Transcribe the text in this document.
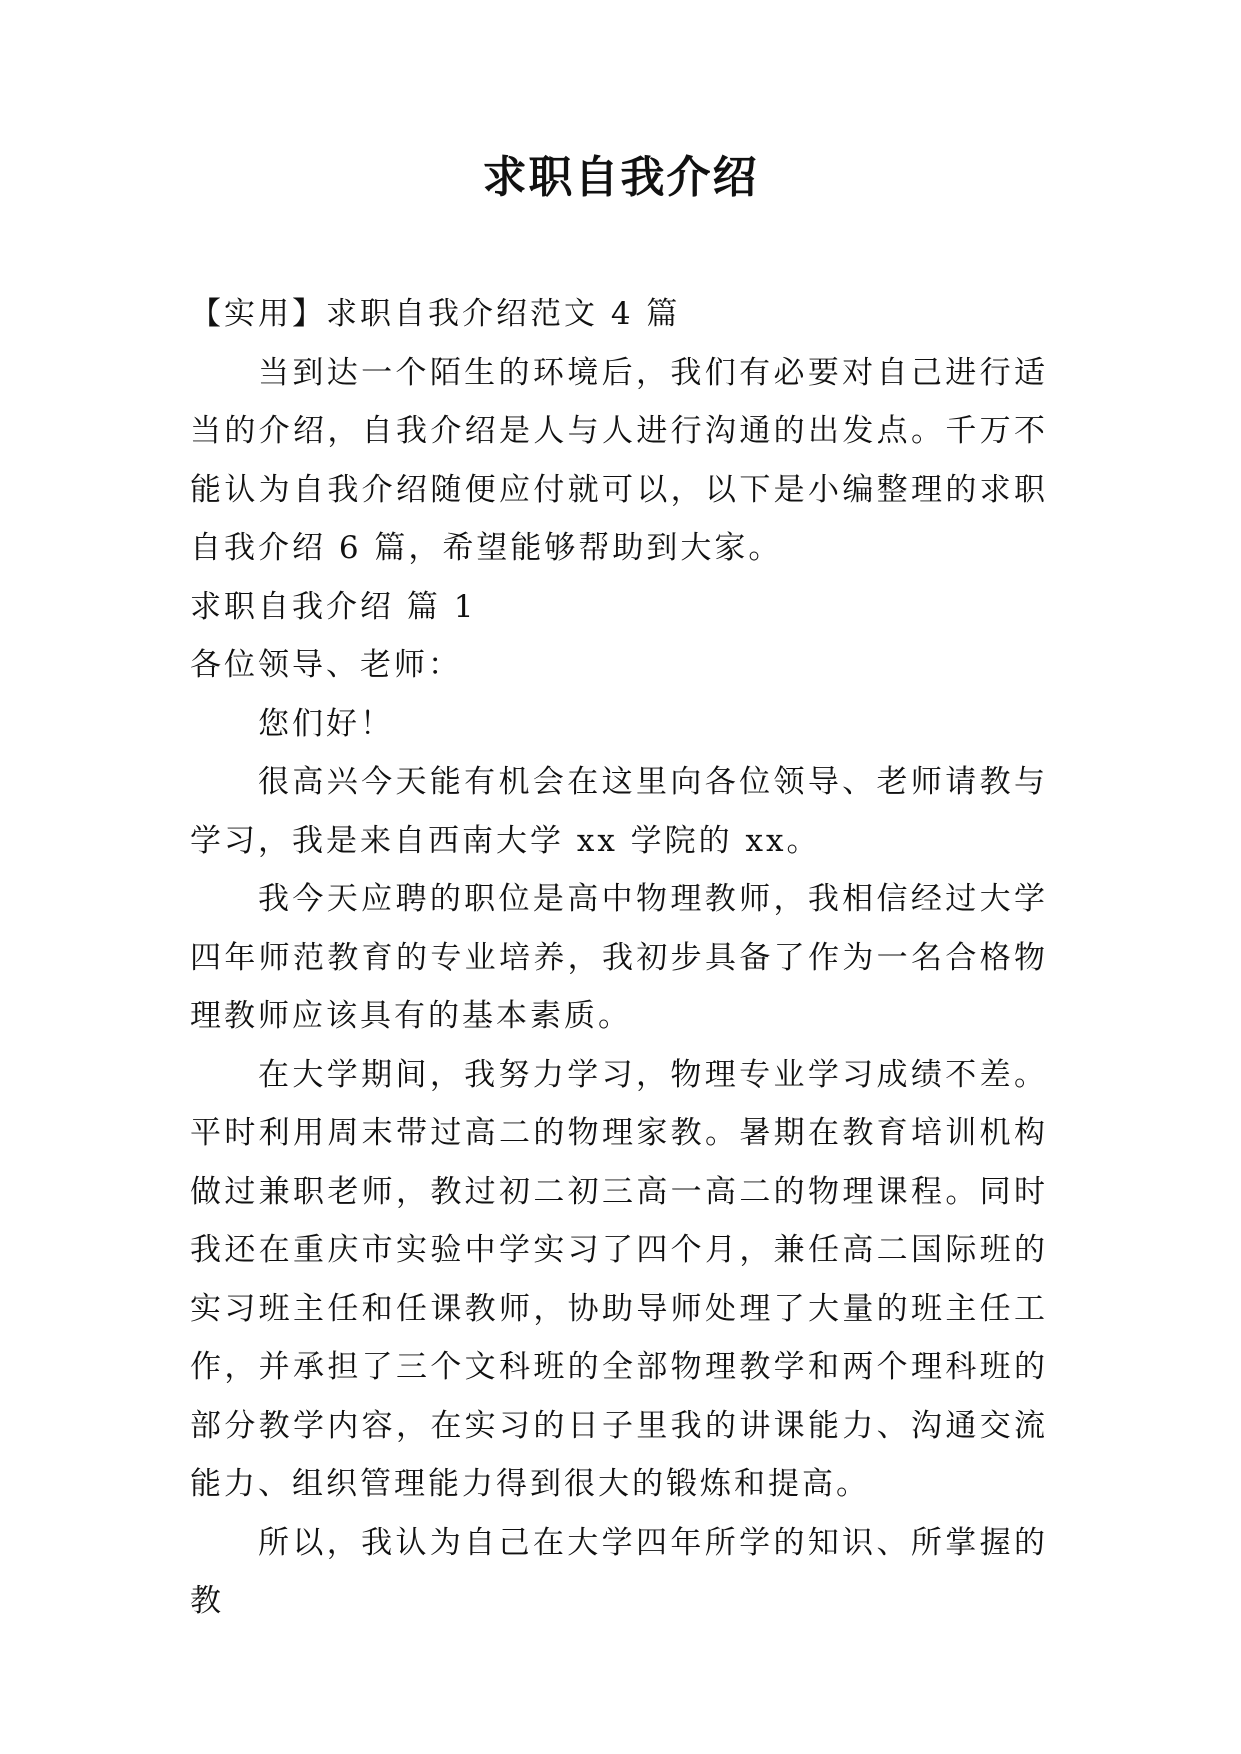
求职自我介绍

【实用】求职自我介绍范文 4 篇

当到达一个陌生的环境后，我们有必要对自己进行适当的介绍，自我介绍是人与人进行沟通的出发点。千万不能认为自我介绍随便应付就可以，以下是小编整理的求职自我介绍 6 篇，希望能够帮助到大家。

求职自我介绍 篇 1

各位领导、老师：

您们好！

很高兴今天能有机会在这里向各位领导、老师请教与学习，我是来自西南大学 xx 学院的 xx。

我今天应聘的职位是高中物理教师，我相信经过大学四年师范教育的专业培养，我初步具备了作为一名合格物理教师应该具有的基本素质。

在大学期间，我努力学习，物理专业学习成绩不差。平时利用周末带过高二的物理家教。暑期在教育培训机构做过兼职老师，教过初二初三高一高二的物理课程。同时我还在重庆市实验中学实习了四个月，兼任高二国际班的实习班主任和任课教师，协助导师处理了大量的班主任工作，并承担了三个文科班的全部物理教学和两个理科班的部分教学内容，在实习的日子里我的讲课能力、沟通交流能力、组织管理能力得到很大的锻炼和提高。

所以，我认为自己在大学四年所学的知识、所掌握的教
